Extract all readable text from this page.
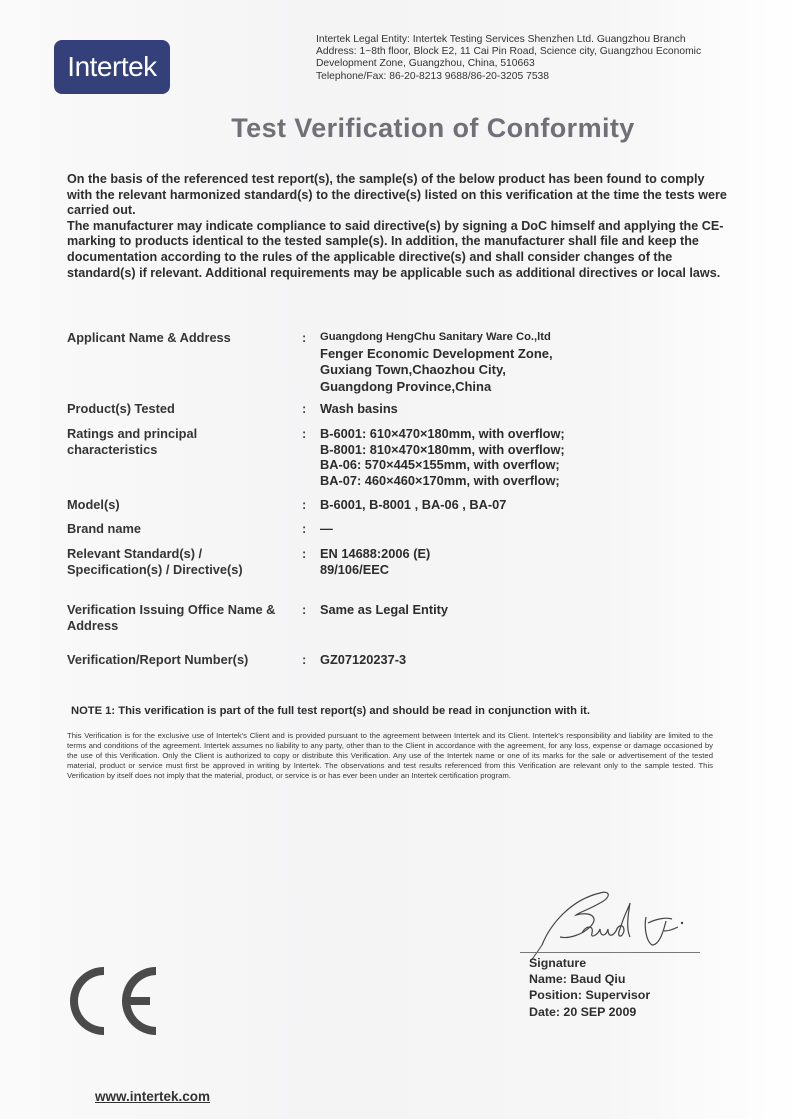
Intertek
Intertek Legal Entity: Intertek Testing Services Shenzhen Ltd. Guangzhou Branch
Address: 1~8th floor, Block E2, 11 Cai Pin Road, Science city, Guangzhou Economic
Development Zone, Guangzhou, China, 510663
Telephone/Fax: 86-20-8213 9688/86-20-3205 7538
Test Verification of Conformity

On the basis of the referenced test report(s), the sample(s) of the below product has been found to comply with the relevant harmonized standard(s) to the directive(s) listed on this verification at the time the tests were carried out.

The manufacturer may indicate compliance to said directive(s) by signing a DoC himself and applying the CE-marking to products identical to the tested sample(s). In addition, the manufacturer shall file and keep the documentation according to the rules of the applicable directive(s) and shall consider changes of the standard(s) if relevant. Additional requirements may be applicable such as additional directives or local laws.

Applicant Name & Address	: Guangdong HengChu Sanitary Ware Co.,ltd
Fenger Economic Development Zone,
Guxiang Town,Chaozhou City,
Guangdong Province,China
Product(s) Tested	: Wash basins
Ratings and principal
characteristics
: B-6001: 610×470×180mm, with overflow;
B-8001: 810×470×180mm, with overflow;
BA-06: 570×445×155mm, with overflow;
BA-07: 460×460×170mm, with overflow;
Model(s)	: B-6001, B-8001 , BA-06 , BA-07
Brand name	: —
Relevant Standard(s) /
Specification(s) / Directive(s)
: EN 14688:2006 (E)
89/106/EEC
Verification Issuing Office Name &
Address
: Same as Legal Entity
Verification/Report Number(s)	: GZ07120237-3
NOTE 1: This verification is part of the full test report(s) and should be read in conjunction with it.
This Verification is for the exclusive use of Intertek's Client and is provided pursuant to the agreement between Intertek and its Client. Intertek's responsibility and liability are limited to the terms and conditions of the agreement. Intertek assumes no liability to any party, other than to the Client in accordance with the agreement, for any loss, expense or damage occasioned by the use of this Verification. Only the Client is authorized to copy or distribute this Verification. Any use of the Intertek name or one of its marks for the sale or advertisement of the tested material, product or service must first be approved in writing by Intertek. The observations and test results referenced from this Verification are relevant only to the sample tested. This Verification by itself does not imply that the material, product, or service is or has ever been under an Intertek certification program.
Signature
Name: Baud Qiu
Position: Supervisor
Date: 20 SEP 2009
www.intertek.com
